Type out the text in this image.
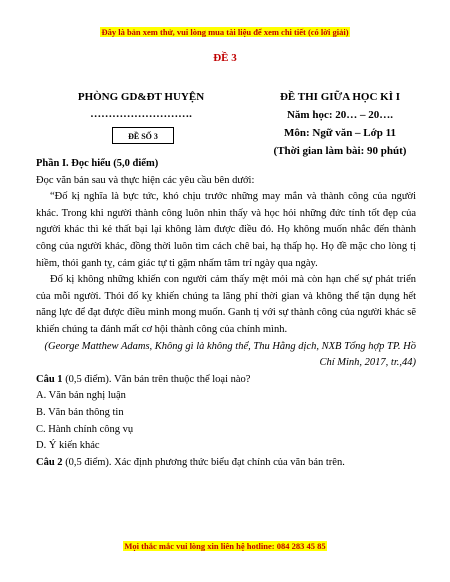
Đây là bản xem thử, vui lòng mua tài liệu để xem chi tiết (có lời giải)
ĐỀ 3
PHÒNG GD&ĐT HUYỆN
……………………….
ĐỀ SỐ 3
ĐỀ THI GIỮA HỌC KÌ I
Năm học: 20… – 20….
Môn: Ngữ văn – Lớp 11
(Thời gian làm bài: 90 phút)

Phần I. Đọc hiểu (5,0 điểm)

Đọc văn bản sau và thực hiện các yêu cầu bên dưới:

“Đố kị nghĩa là bực tức, khó chịu trước những may mắn và thành công của người khác. Trong khi người thành công luôn nhìn thấy và học hỏi những đức tính tốt đẹp của người khác thì kẻ thất bại lại không làm được điều đó. Họ không muốn nhắc đến thành công của người khác, đồng thời luôn tìm cách chê bai, hạ thấp họ. Họ đề mặc cho lòng tị hiềm, thói ganh tỵ, cảm giác tự ti gặm nhấm tâm trí ngày qua ngày.

Đố kị không những khiến con người cảm thấy mệt mỏi mà còn hạn chế sự phát triển của mỗi người. Thói đố kỵ khiến chúng ta lãng phí thời gian và không thể tận dụng hết năng lực để đạt được điều mình mong muốn. Ganh tị với sự thành công của người khác sẽ khiến chúng ta đánh mất cơ hội thành công của chính mình.

(George Matthew Adams, Không gì là không thể, Thu Hằng dịch, NXB Tổng hợp TP. Hồ Chí Minh, 2017, tr.,44)

Câu 1 (0,5 điểm). Văn bản trên thuộc thể loại nào?

A. Văn bản nghị luận

B. Văn bản thông tin

C. Hành chính công vụ

D. Ý kiến khác

Câu 2 (0,5 điểm). Xác định phương thức biểu đạt chính của văn bản trên.

Mọi thắc mắc vui lòng xin liên hệ hotline: 084 283 45 85
